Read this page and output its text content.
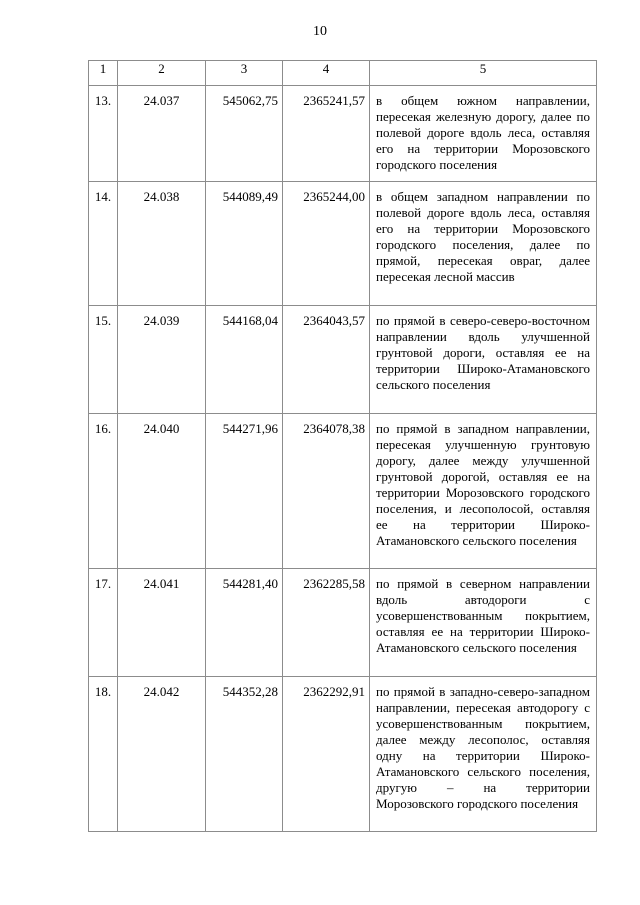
10
1	2	3	4	5
13.	24.037	545062,75	2365241,57	в общем южном направлении, пересекая железную дорогу, далее по полевой дороге вдоль леса, оставляя его на территории Морозовского городского поселения
14.	24.038	544089,49	2365244,00	в общем западном направлении по полевой дороге вдоль леса, оставляя его на территории Морозовского городского поселения, далее по прямой, пересекая овраг, далее пересекая лесной массив
15.	24.039	544168,04	2364043,57	по прямой в северо-северо-восточном направлении вдоль улучшенной грунтовой дороги, оставляя ее на территории Широко-Атамановского сельского поселения
16.	24.040	544271,96	2364078,38	по прямой в западном направлении, пересекая улучшенную грунтовую дорогу, далее между улучшенной грунтовой дорогой, оставляя ее на территории Морозовского городского поселения, и лесополосой, оставляя ее на территории Широко-Атамановского сельского поселения
17.	24.041	544281,40	2362285,58	по прямой в северном направлении вдоль автодороги с усовершенствованным покрытием, оставляя ее на территории Широко-Атамановского сельского поселения
18.	24.042	544352,28	2362292,91	по прямой в западно-северо-западном направлении, пересекая автодорогу с усовершенствованным покрытием, далее между лесополос, оставляя одну на территории Широко-Атамановского сельского поселения, другую – на территории Морозовского городского поселения
